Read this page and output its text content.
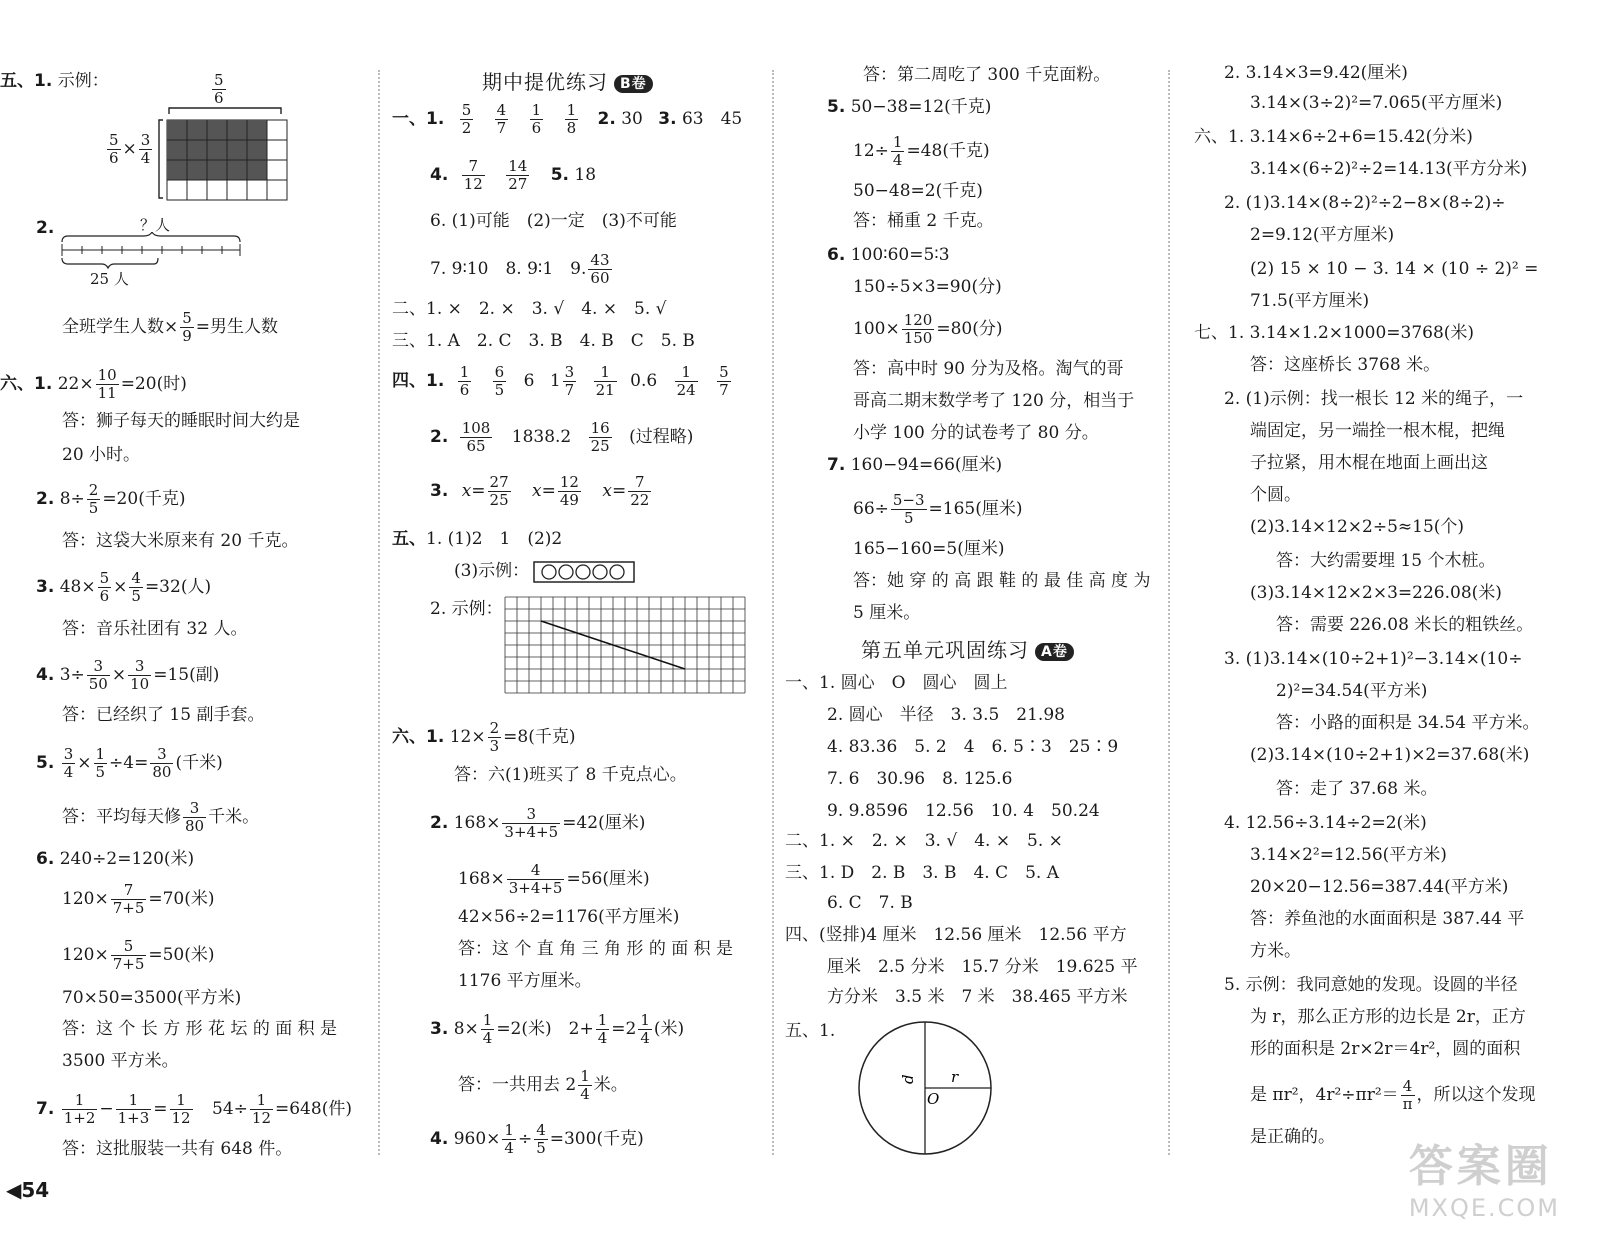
五、1. 示例：	$\frac{5}{6}$
$\frac{5}{6} \times \frac{3}{4}$
2.	？人
25 人
全班学生人数× $\frac{5}{9}$ =男生人数
六、1. $22\times \frac{10}{11} =20$(时)
答：狮子每天的睡眠时间大约是
20 小时。
2. $8\div \frac{2}{5} =20$(千克)
答：这袋大米原来有 20 千克。
3. $48\times \frac{5}{6} \times \frac{4}{5} =32$(人)
答：音乐社团有 32 人。
4. $3\div \frac{3}{50} \times \frac{3}{10} =15$(副)
答：已经织了 15 副手套。
5. $\frac{3}{4} \times \frac{1}{5} \div 4= \frac{3}{80}$ (千米)
答：平均每天修 $\frac{3}{80}$ 千米。
6. 240÷2=120(米)
$120\times \frac{7}{7+5} =70$(米)
$120\times \frac{5}{7+5} =50$(米)
70×50=3500(平方米)
答：这 个 长 方 形 花 坛 的 面 积 是
3500 平方米。
7. $\frac{1}{1+2} - \frac{1}{1+3} = \frac{1}{12} 54\div \frac{1}{12} =648$(件)
答：这批服装一共有 648 件。
期中提优练习 B卷
一、1. $\frac{5}{2}$
$\frac{4}{7}$
$\frac{1}{6}$
$\frac{1}{8} 2$. 30 3. 63　45
4. $\frac{7}{12}$
$\frac{14}{27} 5$. 18
6. (1)可能　(2)一定　(3)不可能
7. 9∶10　8. 9∶1　9. $\frac{43}{60}$
二、1. ×　2. ×　3. √　4. ×　5. √
三、1. A　2. C　3. B　4. B　C　5. B
四、1. $\frac{1}{6}$
$\frac{6}{5} 6$ $1 \frac{3}{7}$
$\frac{1}{21} 0.6 \frac{1}{24}$
$\frac{5}{7}$
2. $\frac{108}{65} 1838.2 \frac{16}{25}$ (过程略)
3. $x= \frac{27}{25} x= \frac{12}{49} x= \frac{7}{22}$
五、1. (1)2　1　(2)2
(3)示例：
2. 示例：
六、1. $12\times \frac{2}{3} =8$(千克)
答：六(1)班买了 8 千克点心。
2. $168\times \frac{3}{3+4+5} =42$(厘米)
$168\times \frac{4}{3+4+5} =56$(厘米)
42×56÷2=1176(平方厘米)
答：这 个 直 角 三 角 形 的 面 积 是
1176 平方厘米。
3. $8\times \frac{1}{4} =2$(米)　$2+ \frac{1}{4} =2 \frac{1}{4}$ (米)
答：一共用去 $2 \frac{1}{4}$ 米。
4. $960\times \frac{1}{4} \div \frac{4}{5} =300$(千克)
答：第二周吃了 300 千克面粉。
5. 50−38=12(千克)
$12\div \frac{1}{4} =48$(千克)
50−48=2(千克)
答：桶重 2 千克。
6. 100∶60=5∶3
150÷5×3=90(分)
$100\times \frac{120}{150} =80$(分)
答：高中时 90 分为及格。淘气的哥
哥高二期末数学考了 120 分，相当于
小学 100 分的试卷考了 80 分。
7. 160−94=66(厘米)
$66\div \frac{5-3}{5} =165$(厘米)
165−160=5(厘米)
答：她 穿 的 高 跟 鞋 的 最 佳 高 度 为
5 厘米。
第五单元巩固练习 A卷
一、1. 圆心　O　圆心　圆上
2. 圆心　半径　3. 3.5　21.98
4. 83.36　5. 2　4　6. 5∶3　25∶9
7. 6　30.96　8. 125.6
9. 9.8596　12.56　10. 4　50.24
二、1. ×　2. ×　3. √　4. ×　5. ×
三、1. D　2. B　3. B　4. C　5. A
6. C　7. B
四、(竖排)4 厘米　12.56 厘米　12.56 平方
厘米　2.5 分米　15.7 分米　19.625 平
方分米　3.5 米　7 米　38.465 平方米
五、1.
d r
O
2. 3.14×3=9.42(厘米)
3.14×(3÷2)²=7.065(平方厘米)
六、1. 3.14×6÷2+6=15.42(分米)
3.14×(6÷2)²÷2=14.13(平方分米)
2. (1)3.14×(8÷2)²÷2−8×(8÷2)÷
2=9.12(平方厘米)
(2) 15 × 10 − 3. 14 × (10 ÷ 2)² =
71.5(平方厘米)
七、1. 3.14×1.2×1000=3768(米)
答：这座桥长 3768 米。
2. (1)示例：找一根长 12 米的绳子，一
端固定，另一端拴一根木棍，把绳
子拉紧，用木棍在地面上画出这
个圆。
(2)3.14×12×2÷5≈15(个)
答：大约需要埋 15 个木桩。
(3)3.14×12×2×3=226.08(米)
答：需要 226.08 米长的粗铁丝。
3. (1)3.14×(10÷2+1)²−3.14×(10÷
2)²=34.54(平方米)
答：小路的面积是 34.54 平方米。
(2)3.14×(10÷2+1)×2=37.68(米)
答：走了 37.68 米。
4. 12.56÷3.14÷2=2(米)
3.14×2²=12.56(平方米)
20×20−12.56=387.44(平方米)
答：养鱼池的水面面积是 387.44 平
方米。
5. 示例：我同意她的发现。设圆的半径
为 r，那么正方形的边长是 2r，正方
形的面积是 2r×2r＝4r²，圆的面积
是 πr²，$4r^2\div\pi r^2= \frac{4}{\pi}$ ，所以这个发现
是正确的。
◀54	答案圈
MXQE.COM
